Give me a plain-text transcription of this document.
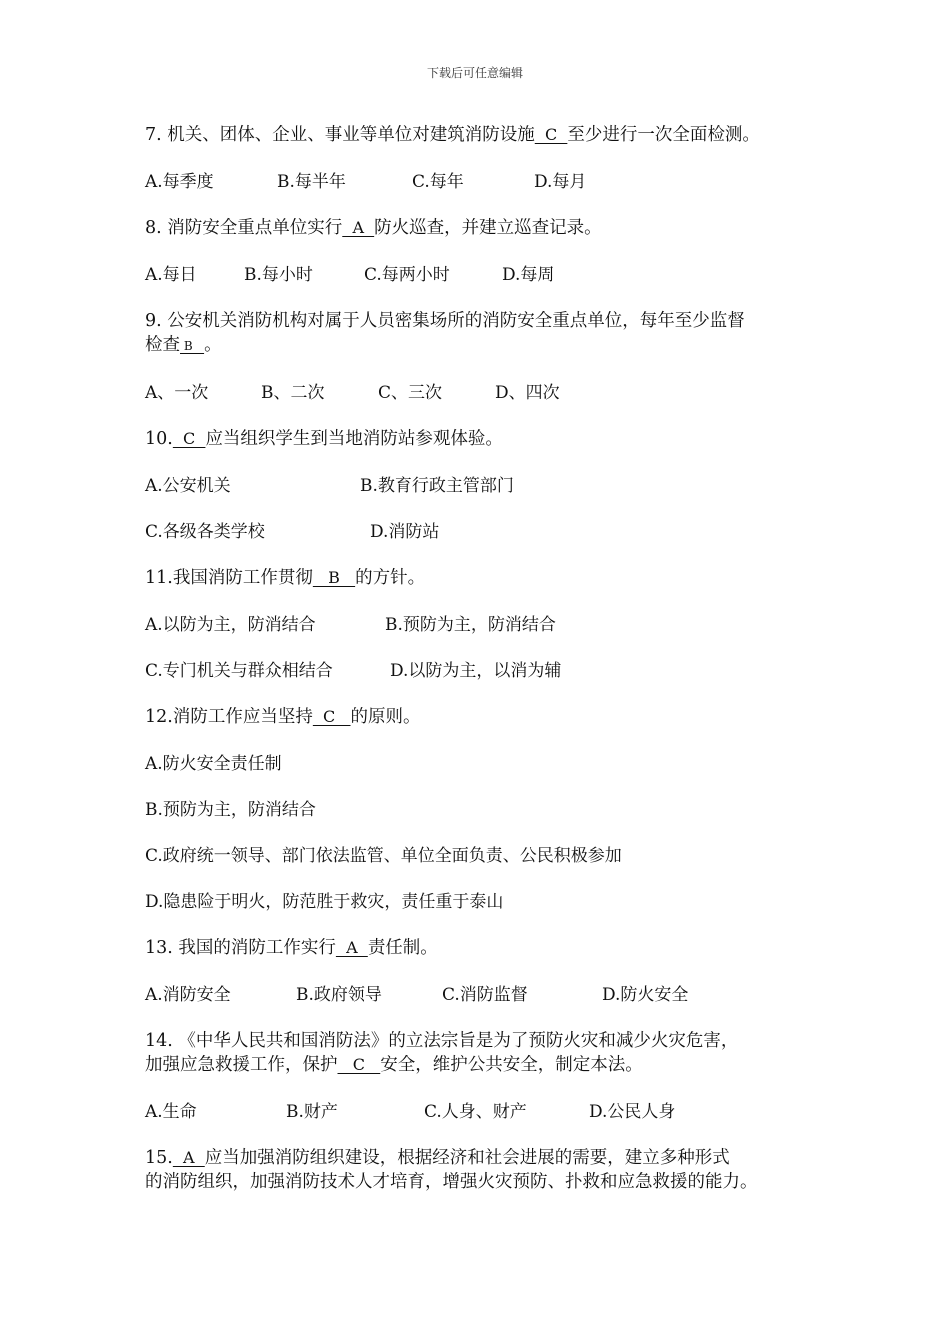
下载后可任意编辑

7. 机关、团体、企业、事业等单位对建筑消防设施  C  至少进行一次全面检测。

A.每季度	B.每半年	C.每年	D.每月

8. 消防安全重点单位实行  A  防火巡查，并建立巡查记录。

A.每日	B.每小时	C.每两小时	D.每周

9. 公安机关消防机构对属于人员密集场所的消防安全重点单位，每年至少监督

检查 B   。

A、一次	B、二次	C、三次	D、四次

10.  C  应当组织学生到当地消防站参观体验。

A.公安机关	B.教育行政主管部门

C.各级各类学校	D.消防站

11.我国消防工作贯彻   B   的方针。

A.以防为主，防消结合	B.预防为主，防消结合

C.专门机关与群众相结合	D.以防为主，以消为辅

12.消防工作应当坚持  C   的原则。

A.防火安全责任制

B.预防为主，防消结合

C.政府统一领导、部门依法监管、单位全面负责、公民积极参加

D.隐患险于明火，防范胜于救灾，责任重于泰山

13. 我国的消防工作实行  A  责任制。

A.消防安全	B.政府领导	C.消防监督	D.防火安全

14. 《中华人民共和国消防法》的立法宗旨是为了预防火灾和减少火灾危害，

加强应急救援工作，保护   C   安全，维护公共安全，制定本法。

A.生命	B.财产	C.人身、财产	D.公民人身

15.  A  应当加强消防组织建设，根据经济和社会进展的需要，建立多种形式

的消防组织，加强消防技术人才培育，增强火灾预防、扑救和应急救援的能力。
